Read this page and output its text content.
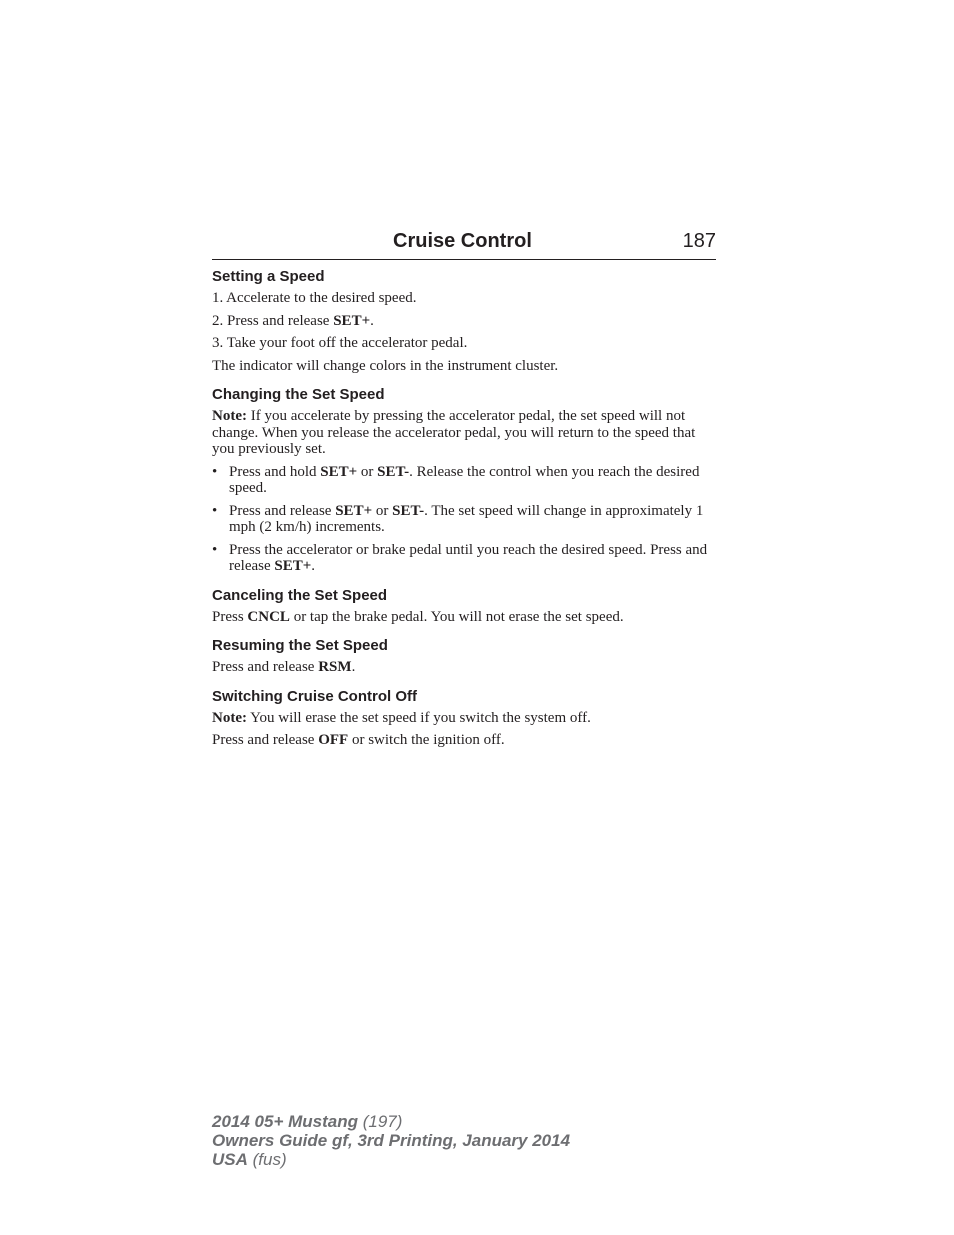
Cruise Control	187
Setting a Speed

1. Accelerate to the desired speed.

2. Press and release SET+.

3. Take your foot off the accelerator pedal.

The indicator will change colors in the instrument cluster.

Changing the Set Speed

Note: If you accelerate by pressing the accelerator pedal, the set speed will not change. When you release the accelerator pedal, you will return to the speed that you previously set.

• Press and hold SET+ or SET-. Release the control when you reach the desired speed.
• Press and release SET+ or SET-. The set speed will change in approximately 1 mph (2 km/h) increments.
• Press the accelerator or brake pedal until you reach the desired speed. Press and release SET+.
Canceling the Set Speed

Press CNCL or tap the brake pedal. You will not erase the set speed.

Resuming the Set Speed

Press and release RSM.

Switching Cruise Control Off

Note: You will erase the set speed if you switch the system off.

Press and release OFF or switch the ignition off.

2014 05+ Mustang (197)
Owners Guide gf, 3rd Printing, January 2014
USA (fus)
